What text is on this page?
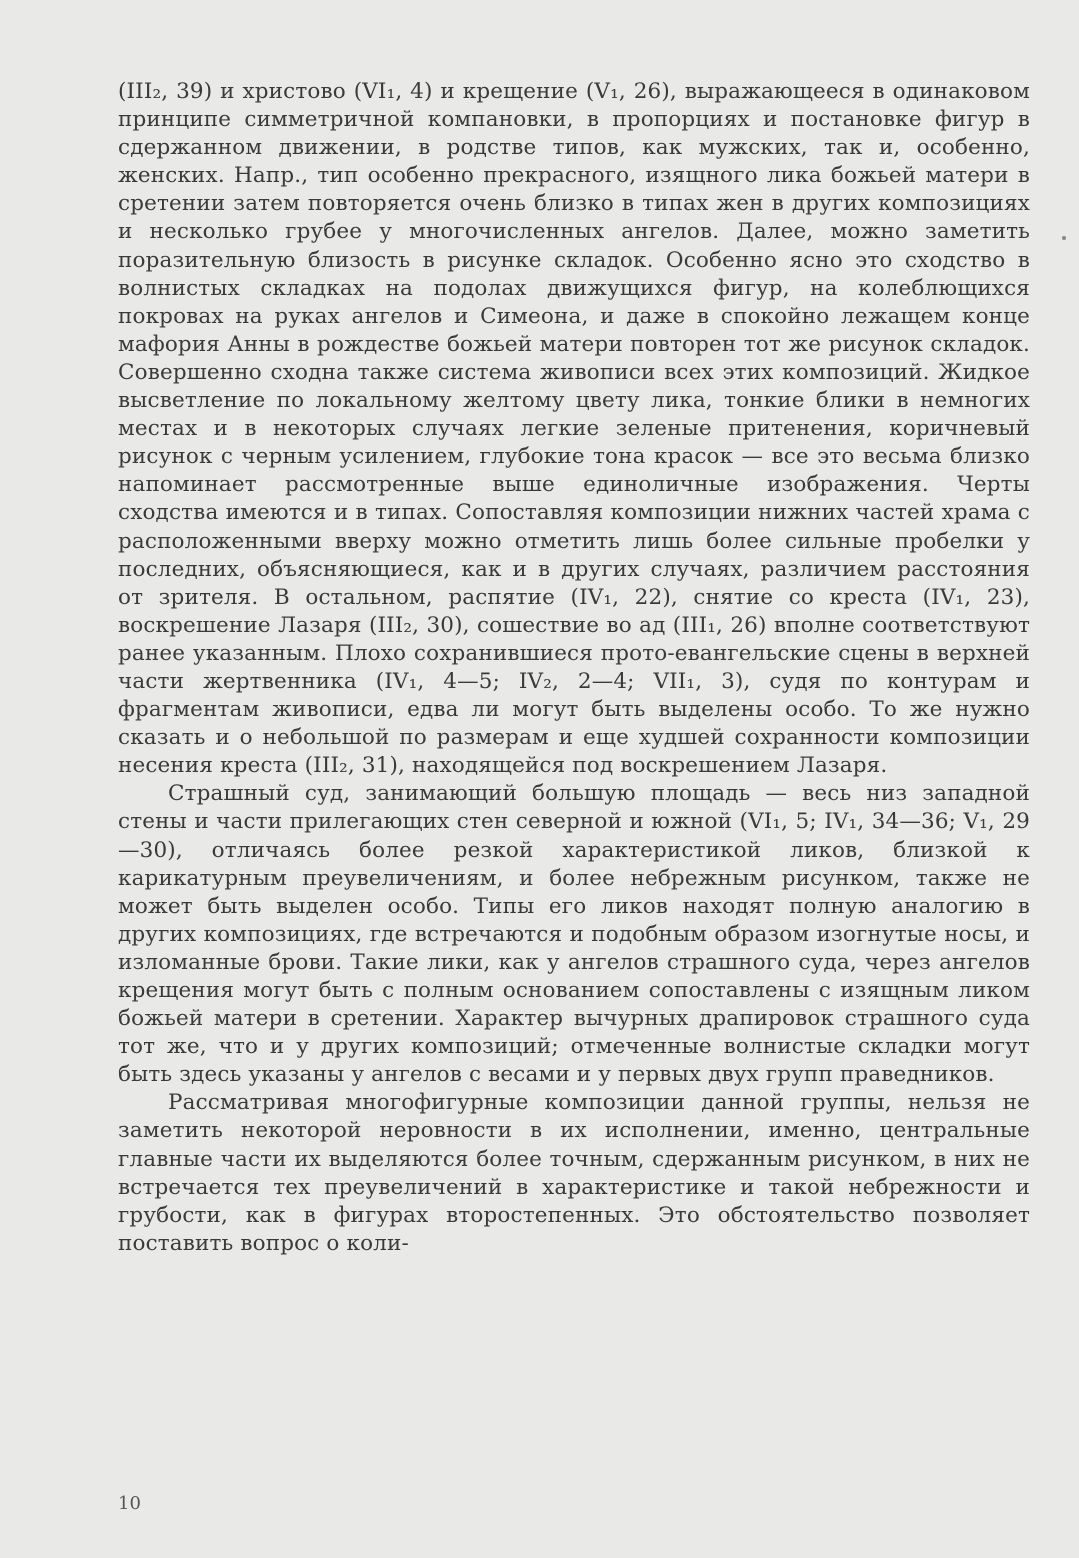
(III₂, 39) и христово (VI₁, 4) и крещение (V₁, 26), выражающееся в одинаковом принципе симметричной компановки, в пропорциях и постановке фигур в сдержанном движении, в родстве типов, как мужских, так и, особенно, женских. Напр., тип особенно прекрасного, изящного лика божьей матери в сретении затем повторяется очень близко в типах жен в других композициях и несколько грубее у многочисленных ангелов. Далее, можно заметить поразительную близость в рисунке складок. Особенно ясно это сходство в волнистых складках на подолах движущихся фигур, на колеблющихся покровах на руках ангелов и Симеона, и даже в спокойно лежащем конце мафория Анны в рождестве божьей матери повторен тот же рисунок складок. Совершенно сходна также система живописи всех этих композиций. Жидкое высветление по локальному желтому цвету лика, тонкие блики в немногих местах и в некоторых случаях легкие зеленые притенения, коричневый рисунок с черным усилением, глубокие тона красок — все это весьма близко напоминает рассмотренные выше единоличные изображения. Черты сходства имеются и в типах. Сопоставляя композиции нижних частей храма с расположенными вверху можно отметить лишь более сильные пробелки у последних, объясняющиеся, как и в других случаях, различием расстояния от зрителя. В остальном, распятие (IV₁, 22), снятие со креста (IV₁, 23), воскрешение Лазаря (III₂, 30), сошествие во ад (III₁, 26) вполне соответствуют ранее указанным. Плохо сохранившиеся прото-евангельские сцены в верхней части жертвенника (IV₁, 4—5; IV₂, 2—4; VII₁, 3), судя по контурам и фрагментам живописи, едва ли могут быть выделены особо. То же нужно сказать и о небольшой по размерам и еще худшей сохранности композиции несения креста (III₂, 31), находящейся под воскрешением Лазаря.

Страшный суд, занимающий большую площадь — весь низ западной стены и части прилегающих стен северной и южной (VI₁, 5; IV₁, 34—36; V₁, 29—30), отличаясь более резкой характеристикой ликов, близкой к карикатурным преувеличениям, и более небрежным рисунком, также не может быть выделен особо. Типы его ликов находят полную аналогию в других композициях, где встречаются и подобным образом изогнутые носы, и изломанные брови. Такие лики, как у ангелов страшного суда, через ангелов крещения могут быть с полным основанием сопоставлены с изящным ликом божьей матери в сретении. Характер вычурных драпировок страшного суда тот же, что и у других композиций; отмеченные волнистые складки могут быть здесь указаны у ангелов с весами и у первых двух групп праведников.

Рассматривая многофигурные композиции данной группы, нельзя не заметить некоторой неровности в их исполнении, именно, центральные главные части их выделяются более точным, сдержанным рисунком, в них не встречается тех преувеличений в характеристике и такой небрежности и грубости, как в фигурах второстепенных. Это обстоятельство позволяет поставить вопрос о коли-

10
